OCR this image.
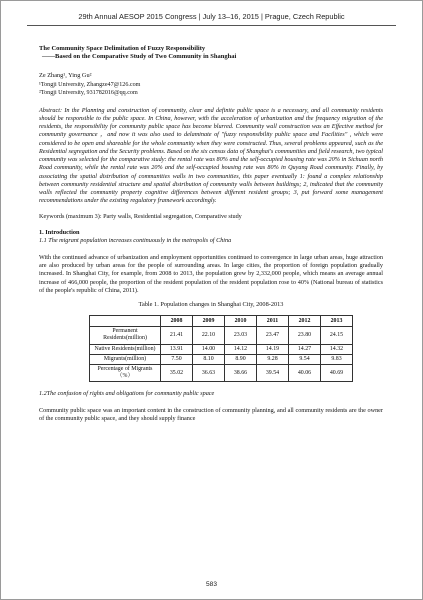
29th Annual AESOP 2015 Congress | July 13–16, 2015 | Prague, Czech Republic

The Community Space Delimitation of Fuzzy Responsibility

——Based on the Comparative Study of Two Community in Shanghai

Ze Zhang¹, Ying Gu²
¹Tongji University, Zhangze47@126.com
²Tongji University, 931782016@qq.com
Abstract: In the Planning and construction of community, clear and definite public space is a necessary, and all community residents should be responsible to the public space. In China, however, with the acceleration of urbanization and the frequency migration of the residents, the responsibility for community public space has become blurred. Community wall construction was an Effective method for community governance ，and now it was also used to delaminate of "fuzzy responsibility public space and Facilities" , which were considered to be open and shareable for the whole community when they were constructed. Thus, several problems appeared, such as the Residential segregation and the Security problems. Based on the six census data of Shanghai's communities and field research, two typical community was selected for the comparative study: the rental rate was 80% and the self-occupied housing rate was 20% in Sichuan north Road community, while the rental rate was 20% and the self-occupied housing rate was 80% in Quyang Road community. Finally, by associating the spatial distribution of communities walls in two communities, this paper eventually 1: found a complex relationship between community residential structure and spatial distribution of community walls between buildings; 2, indicated that the community walls reflected the community property cognitive differences between different resident groups; 3, put forward some management recommendations under the existing regulatory framework accordingly.
Keywords (maximum 3): Party walls, Residential segregation, Comparative study
1. Introduction
1.1 The migrant population increases continuously in the metropolis of China
With the continued advance of urbanization and employment opportunities continued to convergence in large urban areas, huge attraction are also produced by urban areas for the people of surrounding areas. In large cities, the proportion of foreign population gradually increased. In Shanghai City, for example, from 2008 to 2013, the population grew by 2,332,000 people, which means an average annual increase of 466,000 people, the proportion of the resident population of the resident population rose to 40% (National bureau of statistics of the people's republic of China, 2011).
Table 1. Population changes in Shanghai City, 2008-2013
	2008	2009	2010	2011	2012	2013
Permanent Residents(million)	21.41	22.10	23.03	23.47	23.80	24.15
Native Residents(million)	13.91	14.00	14.12	14.19	14.27	14.32
Migrants(million)	7.50	8.10	8.90	9.28	9.54	9.83
Percentage of Migrants（%）	35.02	36.63	38.66	39.54	40.06	40.69
1.2The confusion of rights and obligations for community public space
Community public space was an important content in the construction of community planning, and all community residents are the owner of the community public space, and they should supply finance
583
